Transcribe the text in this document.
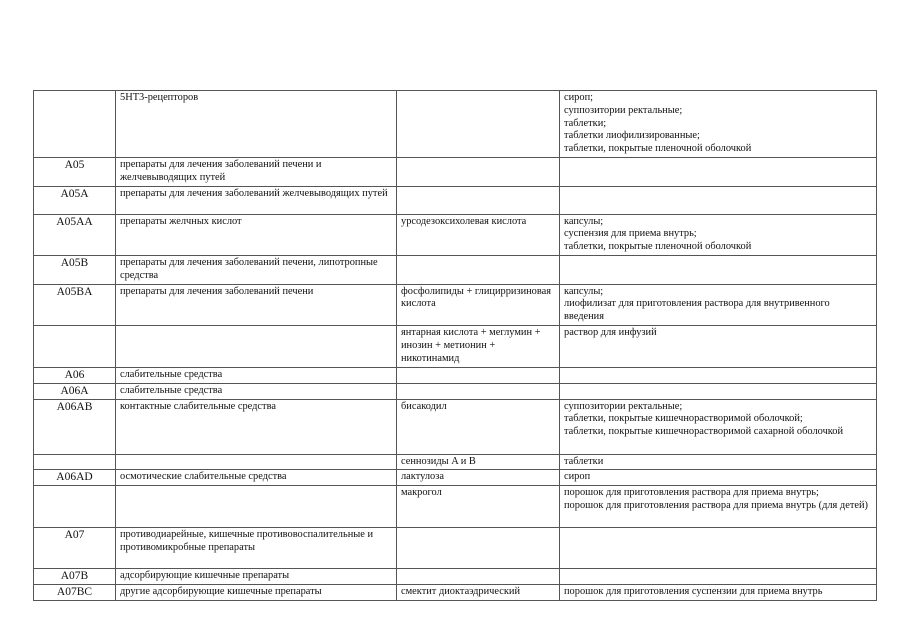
	5НТ3-рецепторов		сироп;
суппозитории ректальные;
таблетки;
таблетки лиофилизированные;
таблетки, покрытые пленочной оболочкой

A05	препараты для лечения заболеваний печени и желчевыводящих путей		
A05A	препараты для лечения заболеваний желчевыводящих путей		
A05AA	препараты желчных кислот	урсодезоксихолевая кислота	капсулы;
суспензия для приема внутрь;
таблетки, покрытые пленочной оболочкой

A05B	препараты для лечения заболеваний печени, липотропные средства		
A05BA	препараты для лечения заболеваний печени	фосфолипиды + глицирризиновая кислота	капсулы;
лиофилизат для приготовления раствора для внутривенного введения

		янтарная кислота + меглумин + инозин + метионин + никотинамид	раствор для инфузий

A06	слабительные средства		
A06A	слабительные средства		
A06AB	контактные слабительные средства	бисакодил	суппозитории ректальные;
таблетки, покрытые кишечнорастворимой оболочкой;
таблетки, покрытые кишечнорастворимой сахарной оболочкой

		сеннозиды A и B	таблетки

A06AD	осмотические слабительные средства	лактулоза	сироп

		макрогол	порошок для приготовления раствора для приема внутрь;
порошок для приготовления раствора для приема внутрь (для детей)

A07	противодиарейные, кишечные противовоспалительные и противомикробные препараты		
A07B	адсорбирующие кишечные препараты		
A07BC	другие адсорбирующие кишечные препараты	смектит диоктаэдрический	порошок для приготовления суспензии для приема внутрь
